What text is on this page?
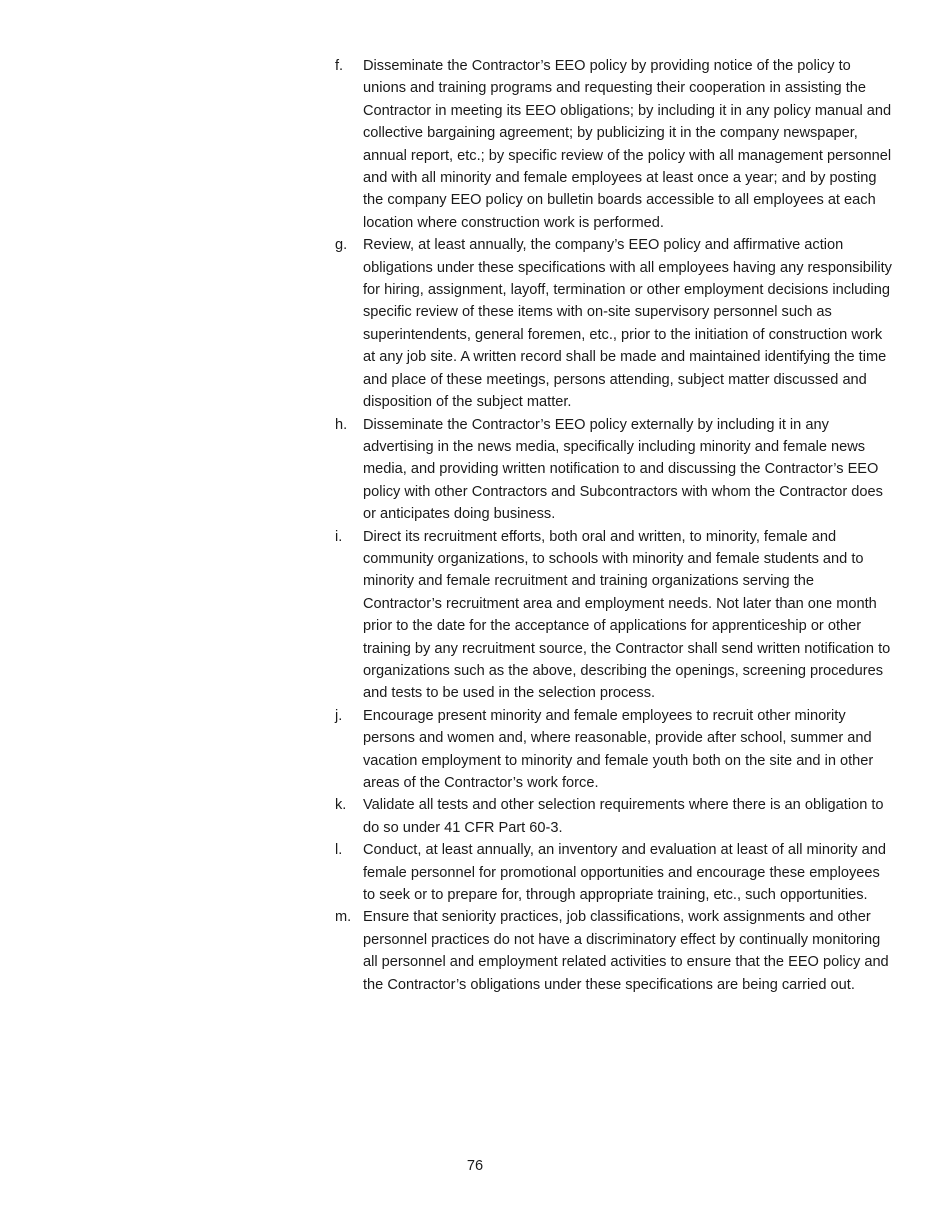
f.	Disseminate the Contractor’s EEO policy by providing notice of the policy to unions and training programs and requesting their cooperation in assisting the Contractor in meeting its EEO obligations; by including it in any policy manual and collective bargaining agreement; by publicizing it in the company newspaper, annual report, etc.; by specific review of the policy with all management personnel and with all minority and female employees at least once a year; and by posting the company EEO policy on bulletin boards accessible to all employees at each location where construction work is performed.
g.	Review, at least annually, the company’s EEO policy and affirmative action obligations under these specifications with all employees having any responsibility for hiring, assignment, layoff, termination or other employment decisions including specific review of these items with on-site supervisory personnel such as superintendents, general foremen, etc., prior to the initiation of construction work at any job site. A written record shall be made and maintained identifying the time and place of these meetings, persons attending, subject matter discussed and disposition of the subject matter.
h.	Disseminate the Contractor’s EEO policy externally by including it in any advertising in the news media, specifically including minority and female news media, and providing written notification to and discussing the Contractor’s EEO policy with other Contractors and Subcontractors with whom the Contractor does or anticipates doing business.
i.	Direct its recruitment efforts, both oral and written, to minority, female and community organizations, to schools with minority and female students and to minority and female recruitment and training organizations serving the Contractor’s recruitment area and employment needs. Not later than one month prior to the date for the acceptance of applications for apprenticeship or other training by any recruitment source, the Contractor shall send written notification to organizations such as the above, describing the openings, screening procedures and tests to be used in the selection process.
j.	Encourage present minority and female employees to recruit other minority persons and women and, where reasonable, provide after school, summer and vacation employment to minority and female youth both on the site and in other areas of the Contractor’s work force.
k.	Validate all tests and other selection requirements where there is an obligation to do so under 41 CFR Part 60-3.
l.	Conduct, at least annually, an inventory and evaluation at least of all minority and female personnel for promotional opportunities and encourage these employees to seek or to prepare for, through appropriate training, etc., such opportunities.
m. Ensure that seniority practices, job classifications, work assignments and other personnel practices do not have a discriminatory effect by continually monitoring all personnel and employment related activities to ensure that the EEO policy and the Contractor’s obligations under these specifications are being carried out.
76
